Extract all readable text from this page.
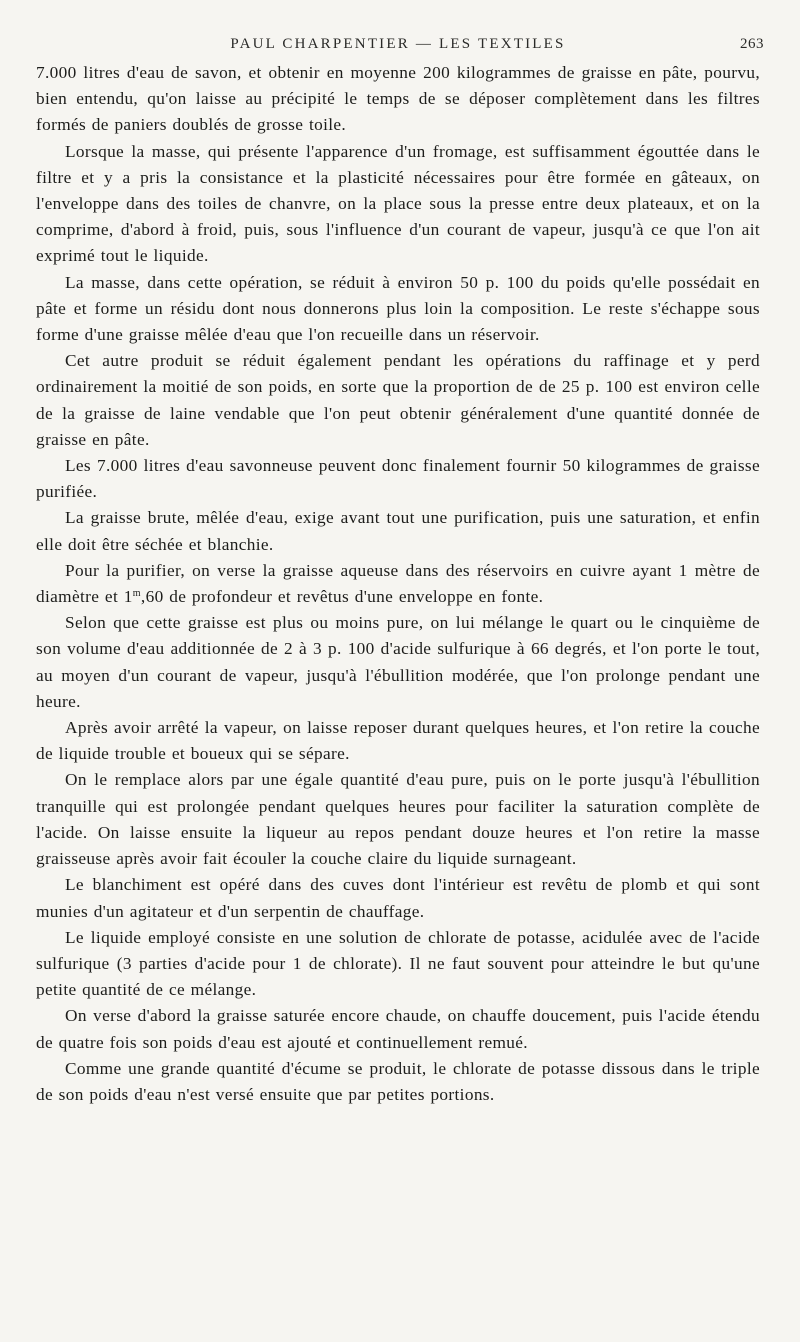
PAUL CHARPENTIER — LES TEXTILES	263

7.000 litres d'eau de savon, et obtenir en moyenne 200 kilogrammes de graisse en pâte, pourvu, bien entendu, qu'on laisse au précipité le temps de se déposer complètement dans les filtres formés de paniers doublés de grosse toile.

Lorsque la masse, qui présente l'apparence d'un fromage, est suffisamment égouttée dans le filtre et y a pris la consistance et la plasticité nécessaires pour être formée en gâteaux, on l'enveloppe dans des toiles de chanvre, on la place sous la presse entre deux plateaux, et on la comprime, d'abord à froid, puis, sous l'influence d'un courant de vapeur, jusqu'à ce que l'on ait exprimé tout le liquide.

La masse, dans cette opération, se réduit à environ 50 p. 100 du poids qu'elle possédait en pâte et forme un résidu dont nous donnerons plus loin la composition. Le reste s'échappe sous forme d'une graisse mêlée d'eau que l'on recueille dans un réservoir.

Cet autre produit se réduit également pendant les opérations du raffinage et y perd ordinairement la moitié de son poids, en sorte que la proportion de de 25 p. 100 est environ celle de la graisse de laine vendable que l'on peut obtenir généralement d'une quantité donnée de graisse en pâte.

Les 7.000 litres d'eau savonneuse peuvent donc finalement fournir 50 kilogrammes de graisse purifiée.

La graisse brute, mêlée d'eau, exige avant tout une purification, puis une saturation, et enfin elle doit être séchée et blanchie.

Pour la purifier, on verse la graisse aqueuse dans des réservoirs en cuivre ayant 1 mètre de diamètre et 1$^m$,60 de profondeur et revêtus d'une enveloppe en fonte.

Selon que cette graisse est plus ou moins pure, on lui mélange le quart ou le cinquième de son volume d'eau additionnée de 2 à 3 p. 100 d'acide sulfurique à 66 degrés, et l'on porte le tout, au moyen d'un courant de vapeur, jusqu'à l'ébullition modérée, que l'on prolonge pendant une heure.

Après avoir arrêté la vapeur, on laisse reposer durant quelques heures, et l'on retire la couche de liquide trouble et boueux qui se sépare.

On le remplace alors par une égale quantité d'eau pure, puis on le porte jusqu'à l'ébullition tranquille qui est prolongée pendant quelques heures pour faciliter la saturation complète de l'acide. On laisse ensuite la liqueur au repos pendant douze heures et l'on retire la masse graisseuse après avoir fait écouler la couche claire du liquide surnageant.

Le blanchiment est opéré dans des cuves dont l'intérieur est revêtu de plomb et qui sont munies d'un agitateur et d'un serpentin de chauffage.

Le liquide employé consiste en une solution de chlorate de potasse, acidulée avec de l'acide sulfurique (3 parties d'acide pour 1 de chlorate). Il ne faut souvent pour atteindre le but qu'une petite quantité de ce mélange.

On verse d'abord la graisse saturée encore chaude, on chauffe doucement, puis l'acide étendu de quatre fois son poids d'eau est ajouté et continuellement remué.

Comme une grande quantité d'écume se produit, le chlorate de potasse dissous dans le triple de son poids d'eau n'est versé ensuite que par petites portions.
